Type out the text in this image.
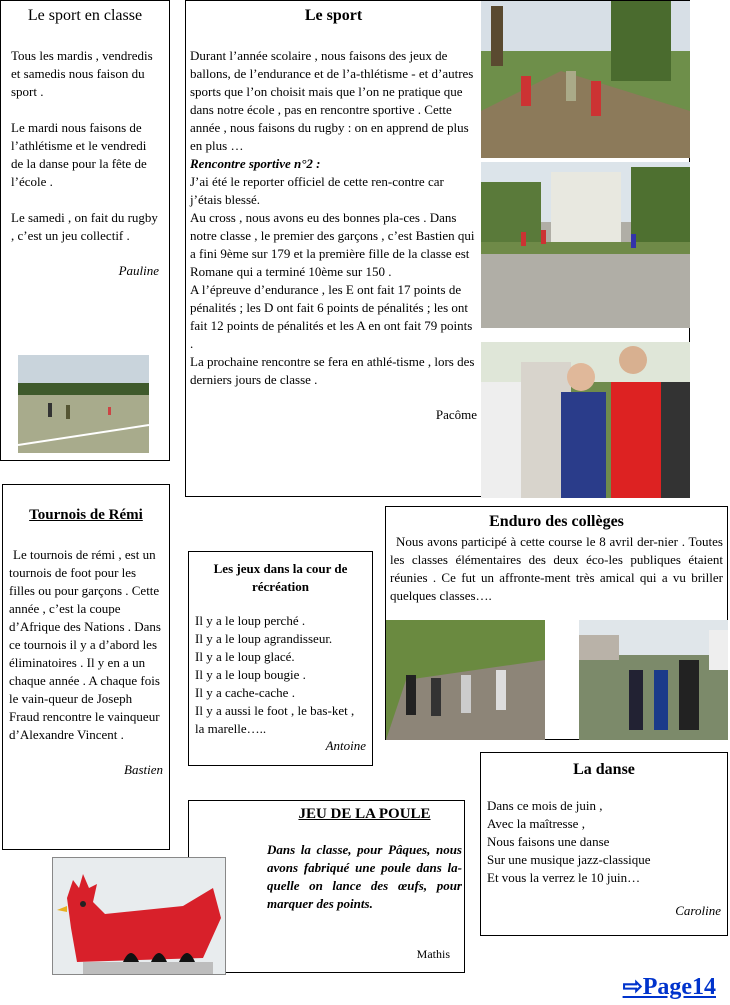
Le sport en classe

Tous les mardis , vendredis et samedis nous faison du sport .

Le mardi nous faisons de l’athlétisme et le vendredi de la danse pour la fête de l’école .

Le samedi , on fait du rugby , c’est un jeu collectif .

Pauline
Le sport

Durant l’année scolaire , nous faisons des jeux de ballons, de l’endurance et de l’a-thlétisme - et d’autres sports que l’on choisit mais que l’on ne pratique que dans notre école , pas en rencontre sportive . Cette année , nous faisons du rugby : on en apprend de plus en plus …

Rencontre sportive n°2 :

J’ai été le reporter officiel de cette ren-contre car j’étais blessé.

Au cross , nous avons eu des bonnes pla-ces . Dans notre classe , le premier des garçons , c’est Bastien qui a fini 9ème sur 179 et la première fille de la classe est Romane qui a terminé 10ème sur 150 .

A l’épreuve d’endurance , les E ont fait 17 points de pénalités ; les D ont fait 6 points de pénalités ; les ont fait 12 points de pénalités et les A en ont fait 79 points .

La prochaine rencontre se fera en athlé-tisme , lors des derniers jours de classe .

Pacôme
Tournois de Rémi

Le tournois de rémi , est un tournois de foot pour les filles ou pour garçons . Cette année , c’est la coupe d’Afrique des Nations . Dans ce tournois il y a d’abord les éliminatoires . Il y en a un chaque année . A chaque fois le vain-queur de Joseph Fraud rencontre le vainqueur d’Alexandre Vincent .

Bastien
Les jeux dans la cour de récréation

Il y a le loup perché .

Il y a le loup agrandisseur.

Il y a le loup glacé.

Il y a le loup bougie .

Il y a cache-cache .

Il y a aussi le foot , le bas-ket , la marelle…..

Antoine
Enduro des collèges

Nous avons participé à cette course le 8 avril der-nier . Toutes les classes élémentaires des deux éco-les publiques étaient réunies . Ce fut un affronte-ment très amical qui a vu briller quelques classes….

La danse

Dans ce mois de juin ,

Avec la maîtresse ,

Nous faisons une danse

Sur une musique jazz-classique

Et vous la verrez le 10 juin…

Caroline
JEU DE LA POULE

Dans la classe, pour Pâques, nous avons fabriqué une poule dans la-quelle on lance des œufs, pour marquer des points.

Mathis
⇨Page14
